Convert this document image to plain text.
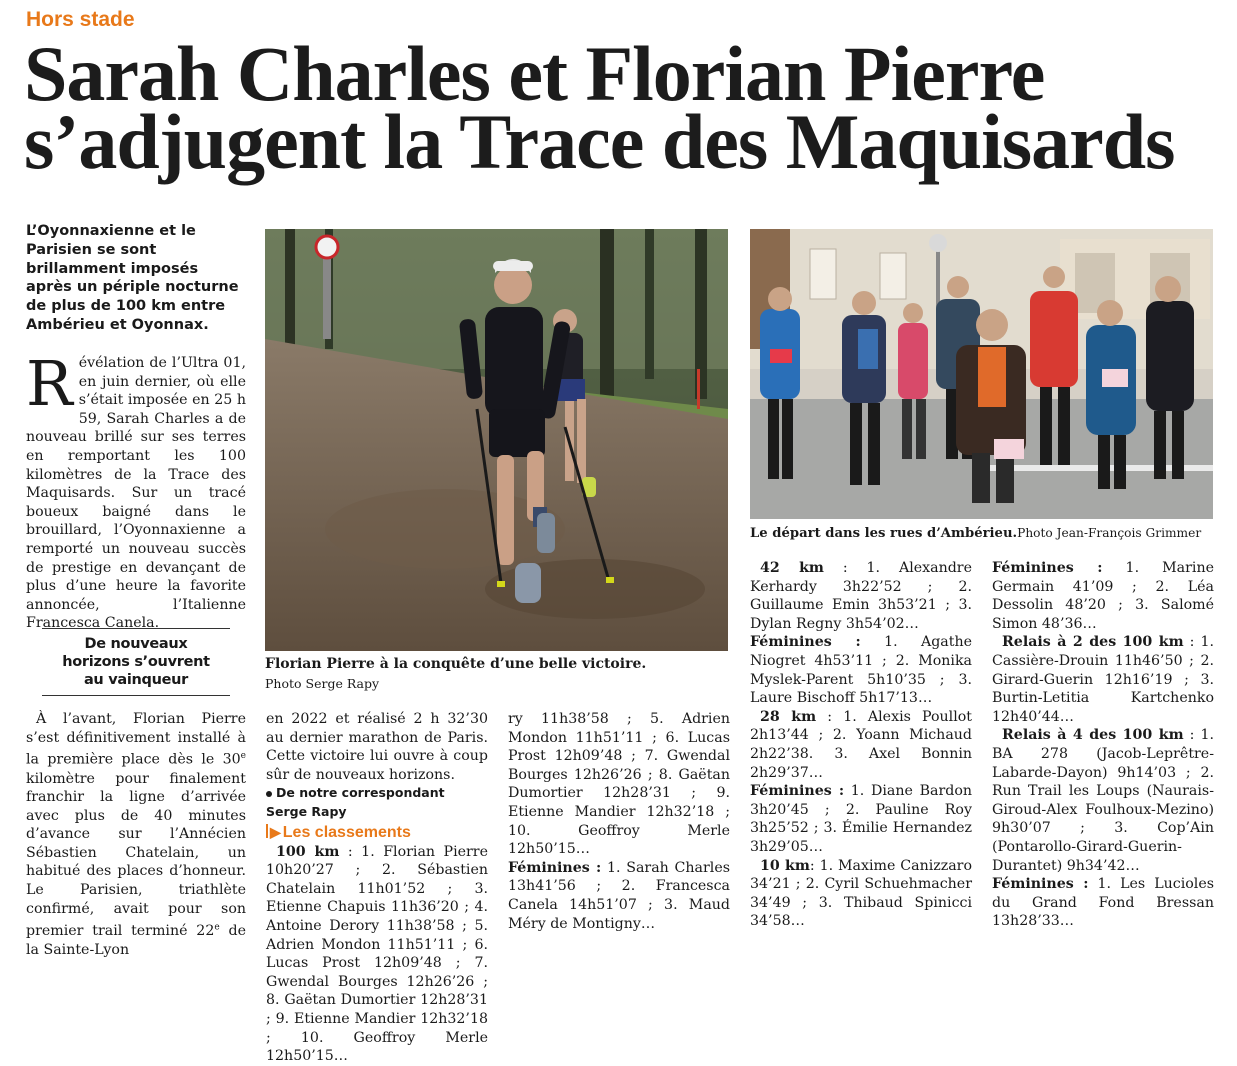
Hors stade
Sarah Charles et Florian Pierre
s’adjugent la Trace des Maquisards
L’Oyonnaxienne et le Parisien se sont brillamment imposés après un périple nocturne de plus de 100 km entre Ambérieu et Oyonnax.
Révélation de l’Ultra 01, en juin dernier, où elle s’était imposée en 25 h 59, Sarah Charles a de nouveau brillé sur ses terres en remportant les 100 kilomètres de la Trace des Maquisards. Sur un tracé boueux baigné dans le brouillard, l’Oyonnaxienne a remporté un nouveau succès de prestige en devançant de plus d’une heure la favorite annoncée, l’Italienne Francesca Canela.
De nouveaux
horizons s’ouvrent
au vainqueur

À l’avant, Florian Pierre s’est définitivement installé à la première place dès le 30e kilomètre pour finalement franchir la ligne d’arrivée avec plus de 40 minutes d’avance sur l’Annécien Sébastien Chatelain, un habitué des places d’honneur. Le Parisien, triathlète confirmé, avait pour son premier trail terminé 22e de la Sainte-Lyon

en 2022 et réalisé 2 h 32’30 au dernier marathon de Paris. Cette victoire lui ouvre à coup sûr de nouveaux horizons.

De notre correspondant
Serge Rapy
▶ Les classements

100 km : 1. Florian Pierre 10h20’27 ; 2. Sébastien Chatelain 11h01’52 ; 3. Etienne Chapuis 11h36’20 ; 4. Antoine Derory 11h38’58 ; 5. Adrien Mondon 11h51’11 ; 6. Lucas Prost 12h09’48 ; 7. Gwendal Bourges 12h26’26 ; 8. Gaëtan Dumortier 12h28’31 ; 9. Etienne Mandier 12h32’18 ; 10. Geoffroy Merle 12h50’15…

ry 11h38’58 ; 5. Adrien Mondon 11h51’11 ; 6. Lucas Prost 12h09’48 ; 7. Gwendal Bourges 12h26’26 ; 8. Gaëtan Dumortier 12h28’31 ; 9. Etienne Mandier 12h32’18 ; 10. Geoffroy Merle 12h50’15…

Féminines : 1. Sarah Charles 13h41’56 ; 2. Francesca Canela 14h51’07 ; 3. Maud Méry de Montigny…

42 km : 1. Alexandre Kerhardy 3h22’52 ; 2. Guillaume Emin 3h53’21 ; 3. Dylan Regny 3h54’02…

Féminines : 1. Agathe Niogret 4h53’11 ; 2. Monika Myslek-Parent 5h10’35 ; 3. Laure Bischoff 5h17’13…

28 km : 1. Alexis Poullot 2h13’44 ; 2. Yoann Michaud 2h22’38. 3. Axel Bonnin 2h29’37…

Féminines : 1. Diane Bardon 3h20’45 ; 2. Pauline Roy 3h25’52 ; 3. Émilie Hernandez 3h29’05…

10 km: 1. Maxime Canizzaro 34’21 ; 2. Cyril Schuehmacher 34’49 ; 3. Thibaud Spinicci 34’58…

Féminines : 1. Marine Germain 41’09 ; 2. Léa Dessolin 48’20 ; 3. Salomé Simon 48’36…

Relais à 2 des 100 km : 1. Cassière-Drouin 11h46’50 ; 2. Girard-Guerin 12h16’19 ; 3. Burtin-Letitia Kartchenko 12h40’44…

Relais à 4 des 100 km : 1. BA 278 (Jacob-Leprêtre-Labarde-Dayon) 9h14’03 ; 2. Run Trail les Loups (Naurais-Giroud-Alex Foulhoux-Mezino) 9h30’07 ; 3. Cop’Ain (Pontarollo-Girard-Guerin-Durantet) 9h34’42…

Féminines : 1. Les Lucioles du Grand Fond Bressan 13h28’33…

Florian Pierre à la conquête d’une belle victoire.
Photo Serge Rapy
Le départ dans les rues d’Ambérieu.Photo Jean-François Grimmer
